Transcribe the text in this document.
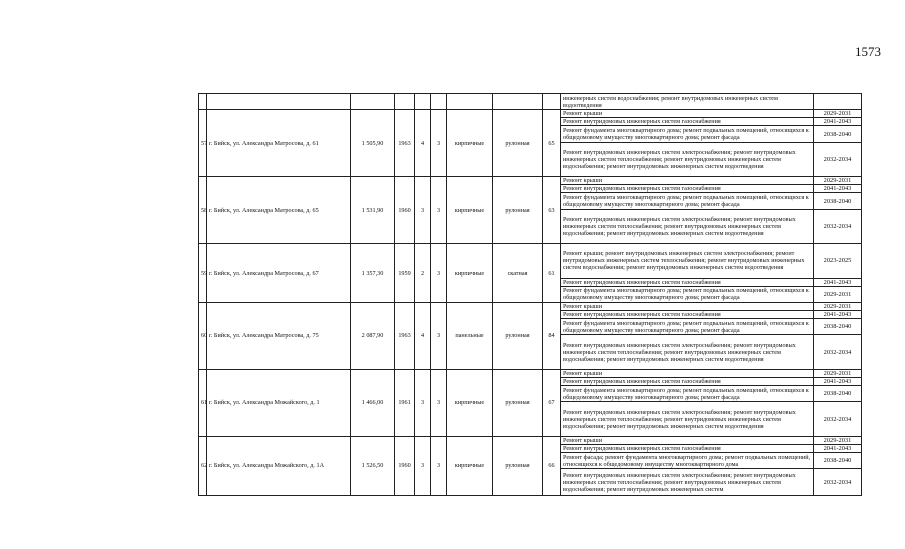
1573
									инженерных систем водоснабжения; ремонт внутридомовых инженерных систем водоотведения	
57	г. Бийск, ул. Александра Матросова, д. 61	1 505,90	1963	4	3	кирпичные	рулонная	65	Ремонт крыши	2029-2031
									Ремонт внутридомовых инженерных систем газоснабжения	2041-2043
									Ремонт фундамента многоквартирного дома; ремонт подвальных помещений, относящихся к общедомовому имуществу многоквартирного дома; ремонт фасада	2038-2040
									Ремонт внутридомовых инженерных систем электроснабжения; ремонт внутридомовых инженерных систем теплоснабжения; ремонт внутридомовых инженерных систем водоснабжения; ремонт внутридомовых инженерных систем водоотведения	2032-2034
58	г. Бийск, ул. Александра Матросова, д. 65	1 531,90	1960	3	3	кирпичные	рулонная	63	Ремонт крыши	2029-2031
									Ремонт внутридомовых инженерных систем газоснабжения	2041-2043
									Ремонт фундамента многоквартирного дома; ремонт подвальных помещений, относящихся к общедомовому имуществу многоквартирного дома; ремонт фасада	2038-2040
									Ремонт внутридомовых инженерных систем электроснабжения; ремонт внутридомовых инженерных систем теплоснабжения; ремонт внутридомовых инженерных систем водоснабжения; ремонт внутридомовых инженерных систем водоотведения	2032-2034
59	г. Бийск, ул. Александра Матросова, д. 67	1 357,30	1959	2	3	кирпичные	скатная	61	Ремонт крыши; ремонт внутридомовых инженерных систем электроснабжения; ремонт внутридомовых инженерных систем теплоснабжения; ремонт внутридомовых инженерных систем водоснабжения; ремонт внутридомовых инженерных систем водоотведения	2023-2025
									Ремонт внутридомовых инженерных систем газоснабжения	2041-2043
									Ремонт фундамента многоквартирного дома; ремонт подвальных помещений, относящихся к общедомовому имуществу многоквартирного дома; ремонт фасада	2029-2031
60	г. Бийск, ул. Александра Матросова, д. 75	2 087,90	1963	4	3	панельные	рулонная	84	Ремонт крыши	2029-2031
									Ремонт внутридомовых инженерных систем газоснабжения	2041-2043
									Ремонт фундамента многоквартирного дома; ремонт подвальных помещений, относящихся к общедомовому имуществу многоквартирного дома; ремонт фасада	2038-2040
									Ремонт внутридомовых инженерных систем электроснабжения; ремонт внутридомовых инженерных систем теплоснабжения; ремонт внутридомовых инженерных систем водоснабжения; ремонт внутридомовых инженерных систем водоотведения	2032-2034
61	г. Бийск, ул. Александра Можайского, д. 1	1 466,00	1961	3	3	кирпичные	рулонная	67	Ремонт крыши	2029-2031
									Ремонт внутридомовых инженерных систем газоснабжения	2041-2043
									Ремонт фундамента многоквартирного дома; ремонт подвальных помещений, относящихся к общедомовому имуществу многоквартирного дома; ремонт фасада	2038-2040
									Ремонт внутридомовых инженерных систем электроснабжения; ремонт внутридомовых инженерных систем теплоснабжения; ремонт внутридомовых инженерных систем водоснабжения; ремонт внутридомовых инженерных систем водоотведения	2032-2034
62	г. Бийск, ул. Александра Можайского, д. 1А	1 526,50	1960	3	3	кирпичные	рулонная	66	Ремонт крыши	2029-2031
									Ремонт внутридомовых инженерных систем газоснабжения	2041-2043
									Ремонт фасада; ремонт фундамента многоквартирного дома; ремонт подвальных помещений, относящихся к общедомовому имуществу многоквартирного дома	2038-2040
									Ремонт внутридомовых инженерных систем электроснабжения; ремонт внутридомовых инженерных систем теплоснабжения; ремонт внутридомовых инженерных систем водоснабжения; ремонт внутридомовых инженерных систем	2032-2034
